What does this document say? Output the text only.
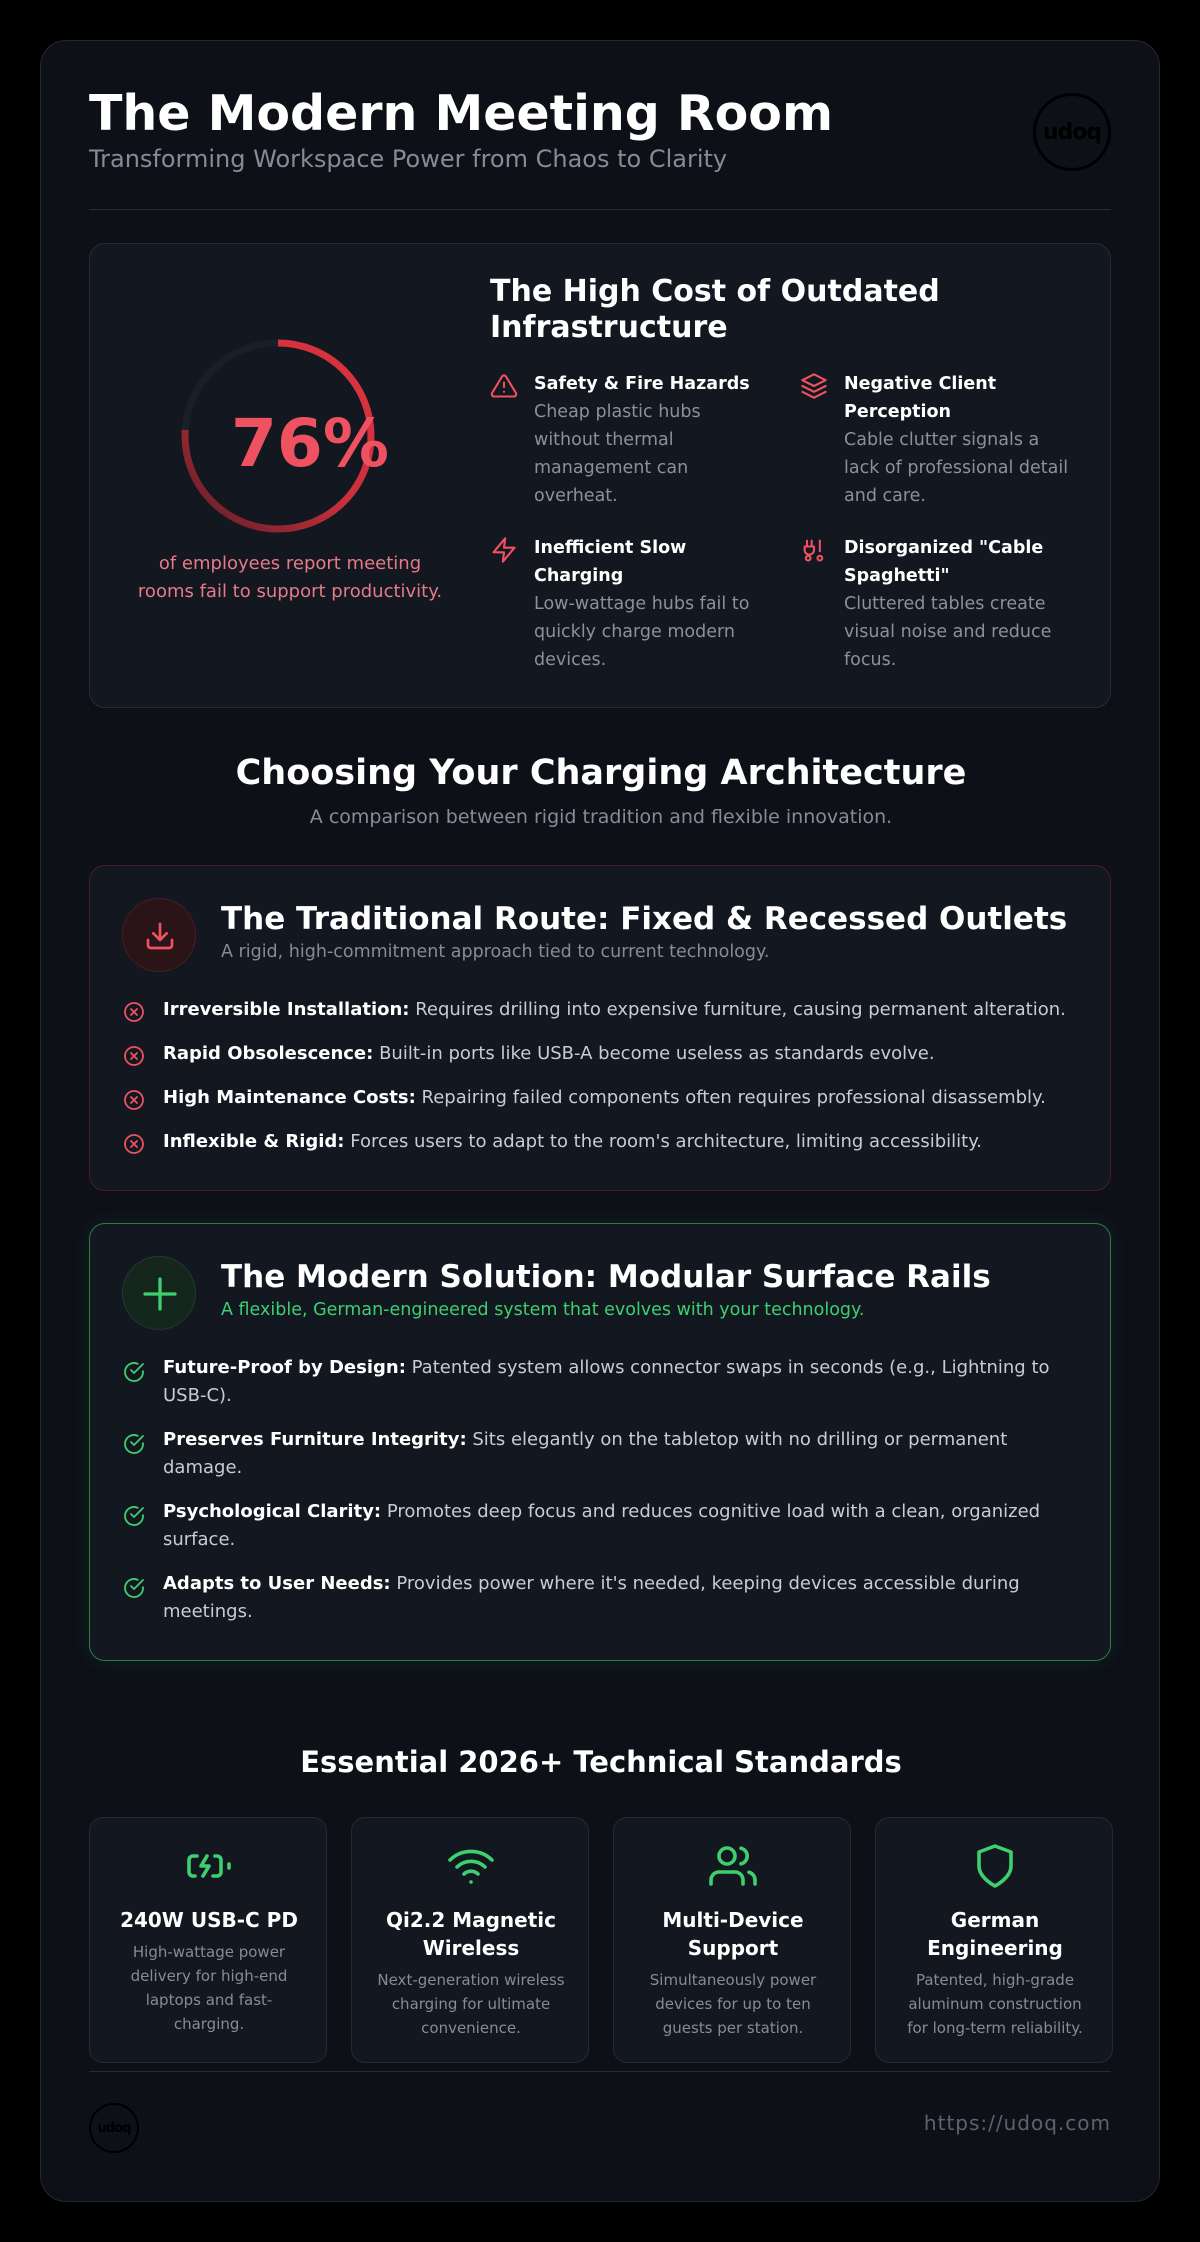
The Modern Meeting Room
Transforming Workspace Power from Chaos to Clarity
udoq
76%
of employees report meeting rooms fail to support productivity.
The High Cost of Outdated Infrastructure
Safety & Fire Hazards
Cheap plastic hubs without thermal management can overheat.
Negative Client Perception
Cable clutter signals a lack of professional detail and care.
Inefficient Slow Charging
Low-wattage hubs fail to quickly charge modern devices.
Disorganized "Cable Spaghetti"
Cluttered tables create visual noise and reduce focus.
Choosing Your Charging Architecture
A comparison between rigid tradition and flexible innovation.
The Traditional Route: Fixed & Recessed Outlets
A rigid, high-commitment approach tied to current technology.
Irreversible Installation: Requires drilling into expensive furniture, causing permanent alteration.
Rapid Obsolescence: Built-in ports like USB-A become useless as standards evolve.
High Maintenance Costs: Repairing failed components often requires professional disassembly.
Inflexible & Rigid: Forces users to adapt to the room's architecture, limiting accessibility.
The Modern Solution: Modular Surface Rails
A flexible, German-engineered system that evolves with your technology.
Future-Proof by Design: Patented system allows connector swaps in seconds (e.g., Lightning to USB-C).
Preserves Furniture Integrity: Sits elegantly on the tabletop with no drilling or permanent damage.
Psychological Clarity: Promotes deep focus and reduces cognitive load with a clean, organized surface.
Adapts to User Needs: Provides power where it's needed, keeping devices accessible during meetings.
Essential 2026+ Technical Standards
240W USB-C PD
High-wattage power delivery for high-end laptops and fast-charging.
Qi2.2 Magnetic Wireless
Next-generation wireless charging for ultimate convenience.
Multi-Device Support
Simultaneously power devices for up to ten guests per station.
German Engineering
Patented, high-grade aluminum construction for long-term reliability.
udoq	https://udoq.com
